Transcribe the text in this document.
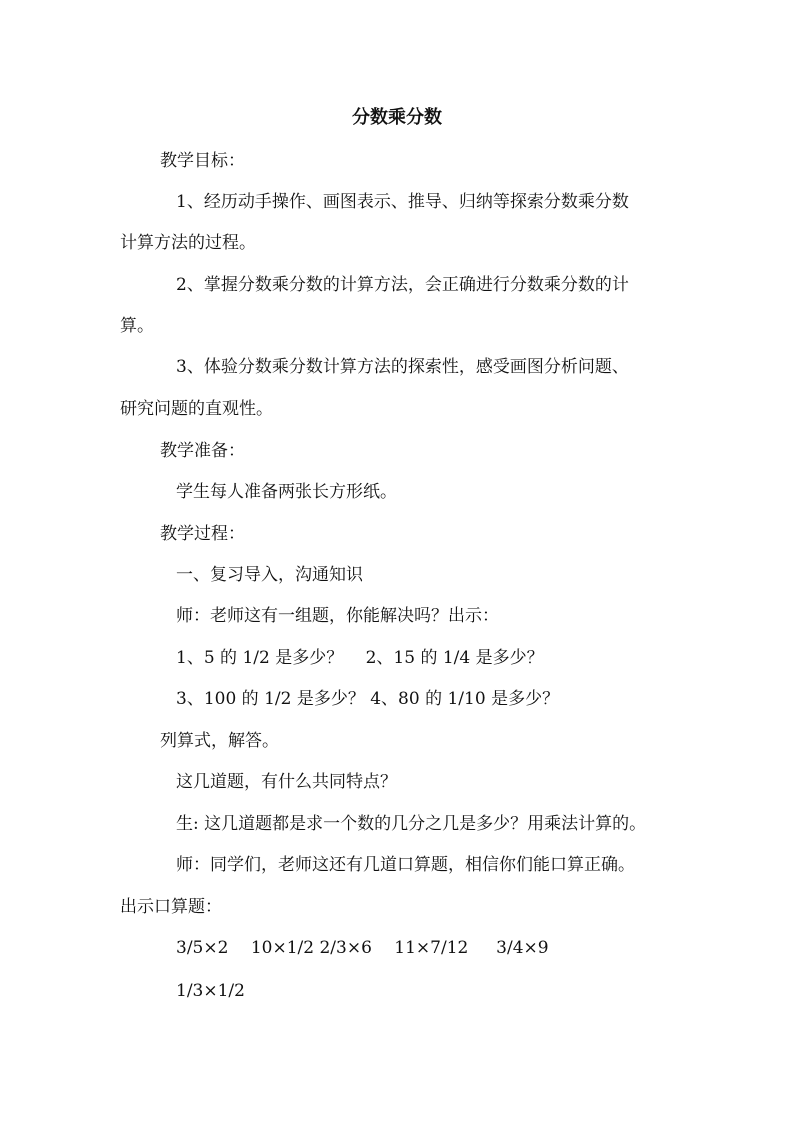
分数乘分数
教学目标：
1、经历动手操作、画图表示、推导、归纳等探索分数乘分数
计算方法的过程。
2、掌握分数乘分数的计算方法，会正确进行分数乘分数的计
算。
3、体验分数乘分数计算方法的探索性，感受画图分析问题、
研究问题的直观性。
教学准备：
学生每人准备两张长方形纸。
教学过程：
一、复习导入，沟通知识
师：老师这有一组题，你能解决吗？出示：
1、5 的 1/2 是多少？　 2、15 的 1/4 是多少？
3、100 的 1/2 是多少？ 4、80 的 1/10 是多少？
列算式，解答。
这几道题，有什么共同特点？
生: 这几道题都是求一个数的几分之几是多少？用乘法计算的。
师：同学们，老师这还有几道口算题，相信你们能口算正确。
出示口算题：
3/5×2 　10×1/2 2/3×6 　11×7/12 　 3/4×9
1/3×1/2
